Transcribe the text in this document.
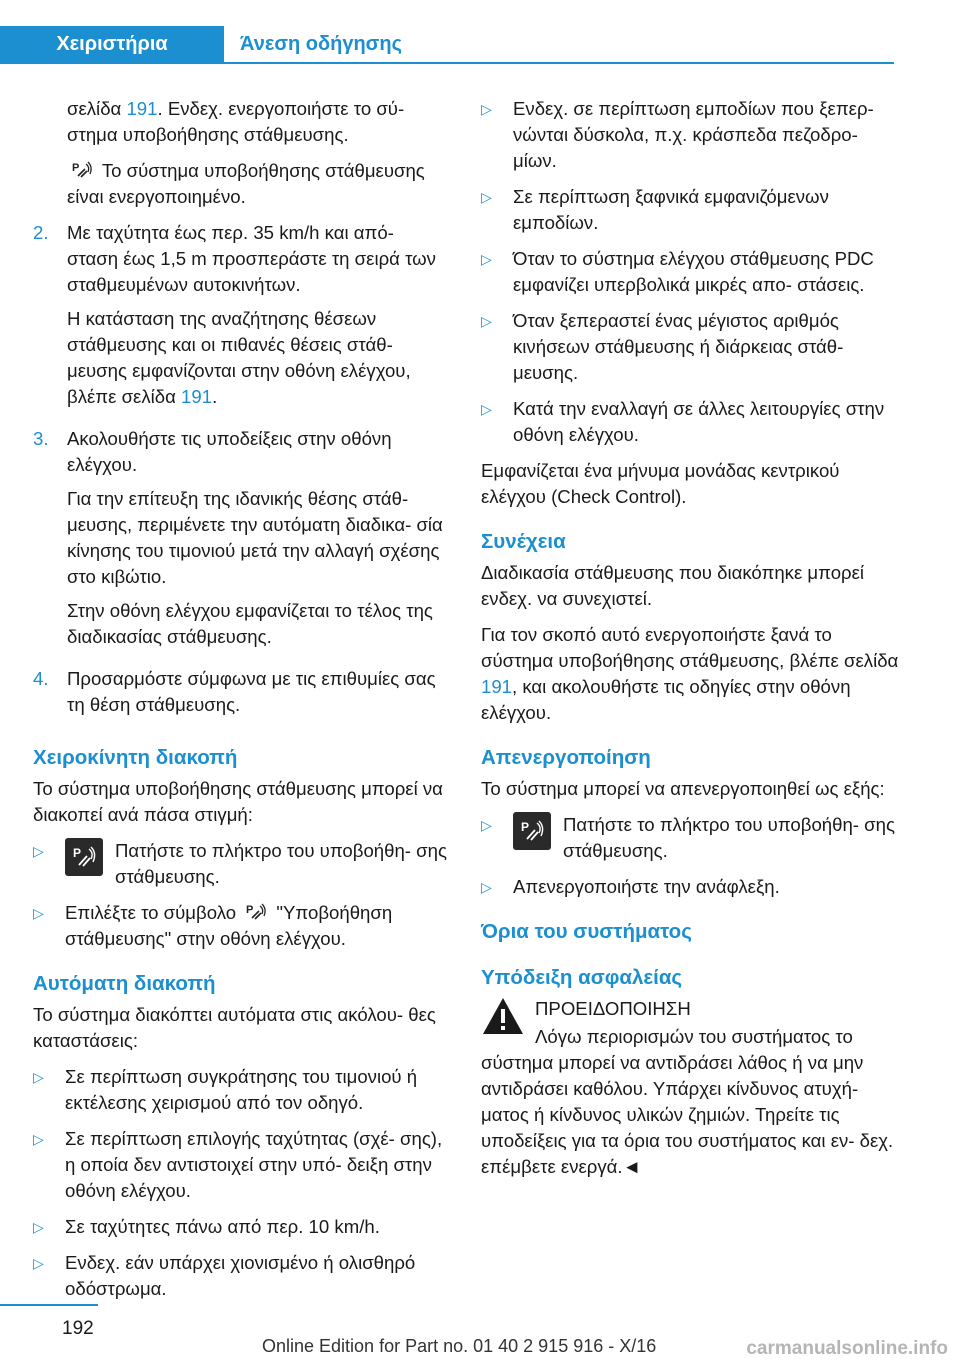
Χειριστήρια	Άνεση οδήγησης

σελίδα 191. Ενδεχ. ενεργοποιήστε το σύ- στημα υποβοήθησης στάθμευσης.

P Το σύστημα υποβοήθησης στάθμευσης είναι ενεργοποιημένο.

2. Με ταχύτητα έως περ. 35 km/h και από- σταση έως 1,5 m προσπεράστε τη σειρά των σταθμευμένων αυτοκινήτων.

Η κατάσταση της αναζήτησης θέσεων στάθμευσης και οι πιθανές θέσεις στάθ- μευσης εμφανίζονται στην οθόνη ελέγχου, βλέπε σελίδα 191.

3. Ακολουθήστε τις υποδείξεις στην οθόνη ελέγχου.

Για την επίτευξη της ιδανικής θέσης στάθ- μευσης, περιμένετε την αυτόματη διαδικα- σία κίνησης του τιμονιού μετά την αλλαγή σχέσης στο κιβώτιο.

Στην οθόνη ελέγχου εμφανίζεται το τέλος της διαδικασίας στάθμευσης.

4. Προσαρμόστε σύμφωνα με τις επιθυμίες σας τη θέση στάθμευσης.

Χειροκίνητη διακοπή

Το σύστημα υποβοήθησης στάθμευσης μπορεί να διακοπεί ανά πάσα στιγμή:

▷	P Πατήστε το πλήκτρο του υποβοήθη- σης στάθμευσης.
▷	Επιλέξτε το σύμβολο P "Υποβοήθηση στάθμευσης" στην οθόνη ελέγχου.
Αυτόματη διακοπή

Το σύστημα διακόπτει αυτόματα στις ακόλου- θες καταστάσεις:

▷	Σε περίπτωση συγκράτησης του τιμονιού ή εκτέλεσης χειρισμού από τον οδηγό.
▷	Σε περίπτωση επιλογής ταχύτητας (σχέ- σης), η οποία δεν αντιστοιχεί στην υπό- δειξη στην οθόνη ελέγχου.
▷	Σε ταχύτητες πάνω από περ. 10 km/h.
▷	Ενδεχ. εάν υπάρχει χιονισμένο ή ολισθηρό οδόστρωμα.
▷	Ενδεχ. σε περίπτωση εμποδίων που ξεπερ- νώνται δύσκολα, π.χ. κράσπεδα πεζοδρο- μίων.
▷	Σε περίπτωση ξαφνικά εμφανιζόμενων εμποδίων.
▷	Όταν το σύστημα ελέγχου στάθμευσης PDC εμφανίζει υπερβολικά μικρές απο- στάσεις.
▷	Όταν ξεπεραστεί ένας μέγιστος αριθμός κινήσεων στάθμευσης ή διάρκειας στάθ- μευσης.
▷	Κατά την εναλλαγή σε άλλες λειτουργίες στην οθόνη ελέγχου.

Εμφανίζεται ένα μήνυμα μονάδας κεντρικού ελέγχου (Check Control).

Συνέχεια

Διαδικασία στάθμευσης που διακόπηκε μπορεί ενδεχ. να συνεχιστεί.

Για τον σκοπό αυτό ενεργοποιήστε ξανά το σύστημα υποβοήθησης στάθμευσης, βλέπε σελίδα 191, και ακολουθήστε τις οδηγίες στην οθόνη ελέγχου.

Απενεργοποίηση

Το σύστημα μπορεί να απενεργοποιηθεί ως εξής:

▷	P Πατήστε το πλήκτρο του υποβοήθη- σης στάθμευσης.
▷	Απενεργοποιήστε την ανάφλεξη.
Όρια του συστήματος
Υπόδειξη ασφαλείας
ΠΡΟΕΙΔΟΠΟΙΗΣΗ

Λόγω περιορισμών του συστήματος το σύστημα μπορεί να αντιδράσει λάθος ή να μην αντιδράσει καθόλου. Υπάρχει κίνδυνος ατυχή- ματος ή κίνδυνος υλικών ζημιών. Τηρείτε τις υποδείξεις για τα όρια του συστήματος και εν- δεχ. επέμβετε ενεργά.◄

192
Online Edition for Part no. 01 40 2 915 916 - X/16	carmanualsonline.info
